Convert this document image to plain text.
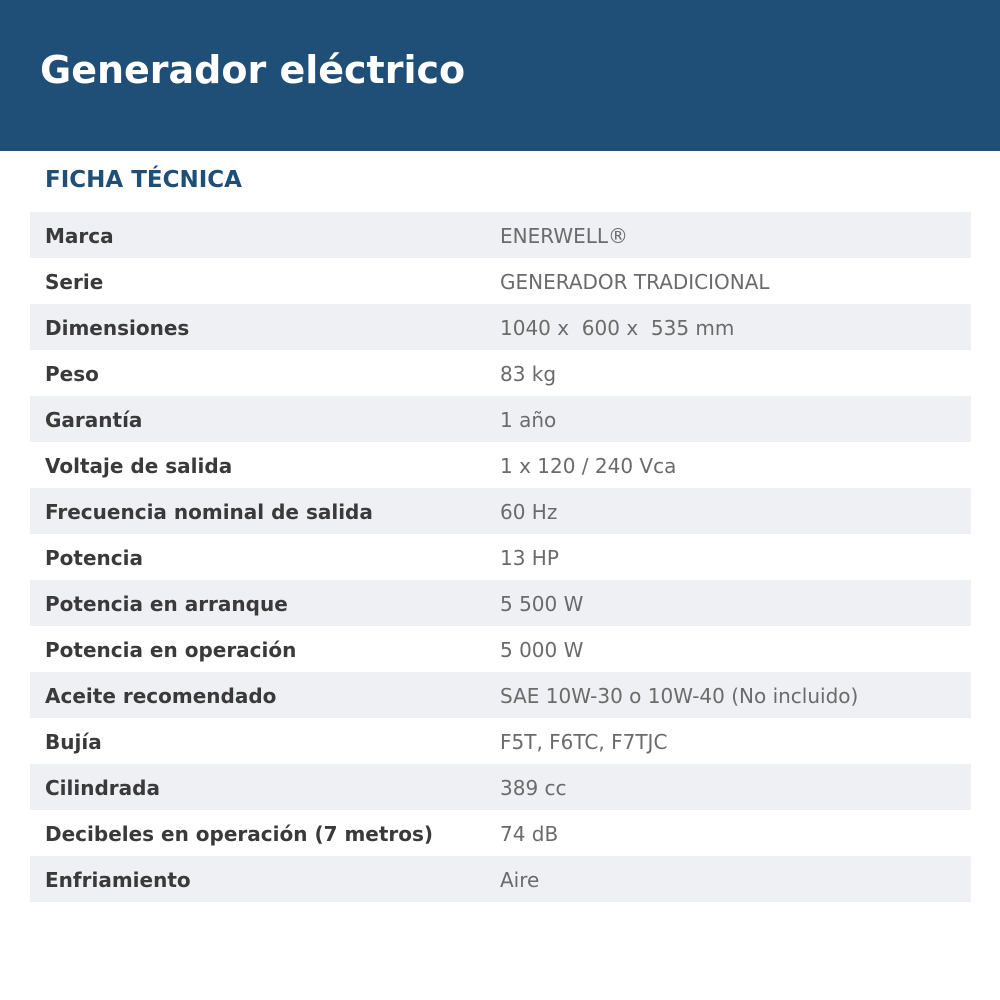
Generador eléctrico
FICHA TÉCNICA
Marca	ENERWELL®
Serie	GENERADOR TRADICIONAL
Dimensiones	1040 x  600 x  535 mm
Peso	83 kg
Garantía	1 año
Voltaje de salida	1 x 120 / 240 Vca
Frecuencia nominal de salida	60 Hz
Potencia	13 HP
Potencia en arranque	5 500 W
Potencia en operación	5 000 W
Aceite recomendado	SAE 10W-30 o 10W-40 (No incluido)
Bujía	F5T, F6TC, F7TJC
Cilindrada	389 cc
Decibeles en operación (7 metros)	74 dB
Enfriamiento	Aire
